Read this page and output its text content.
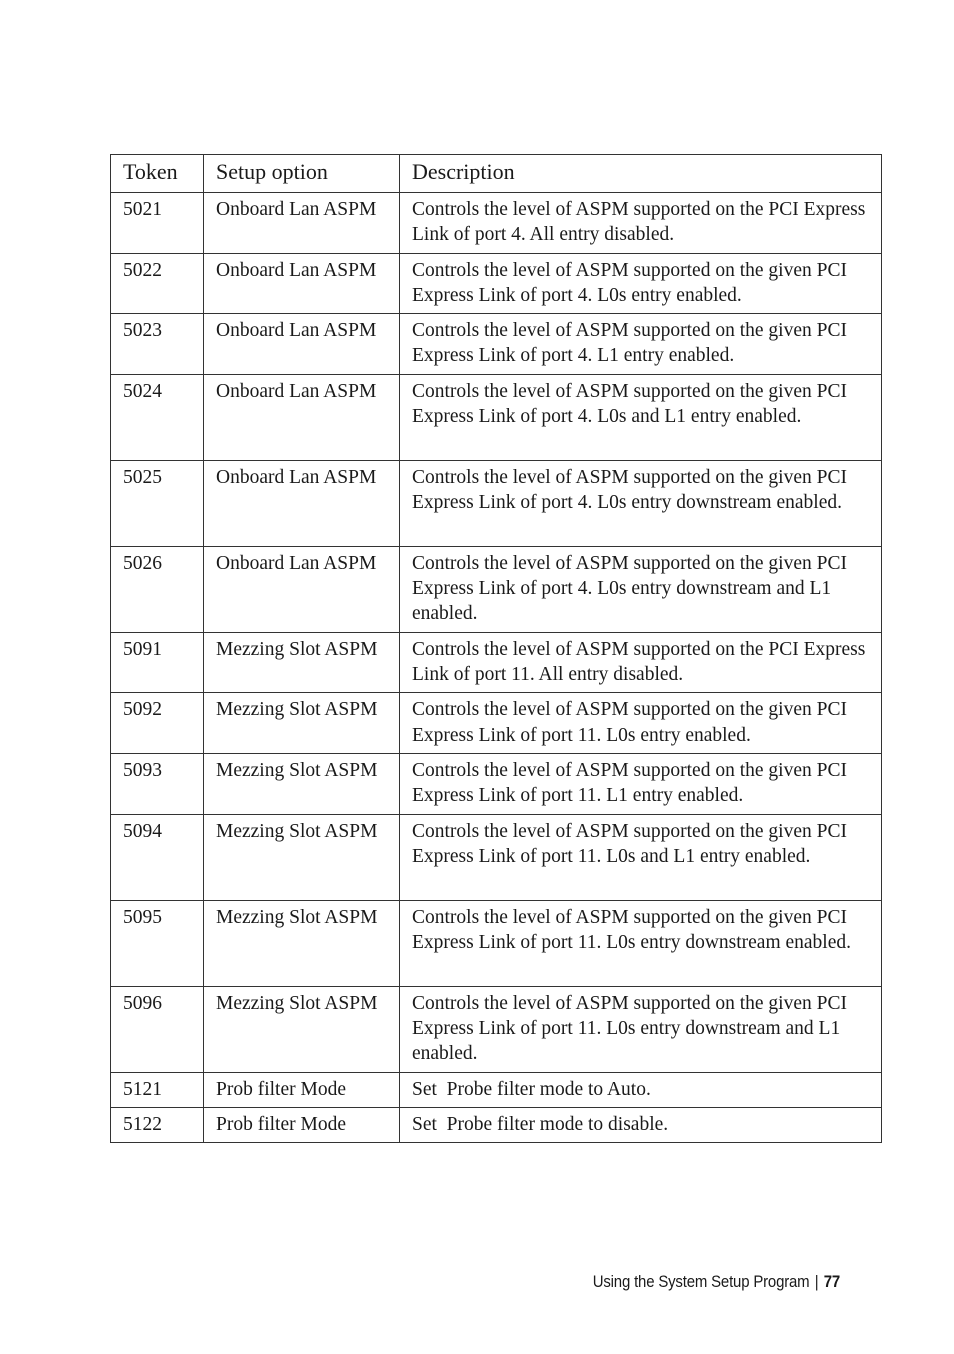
Token	Setup option	Description
5021	Onboard Lan ASPM	Controls the level of ASPM supported on the PCI Express Link of port 4. All entry disabled.
5022	Onboard Lan ASPM	Controls the level of ASPM supported on the given PCI Express Link of port 4. L0s entry enabled.
5023	Onboard Lan ASPM	Controls the level of ASPM supported on the given PCI Express Link of port 4. L1 entry enabled.
5024	Onboard Lan ASPM	Controls the level of ASPM supported on the given PCI Express Link of port 4. L0s and L1 entry enabled.
5025	Onboard Lan ASPM	Controls the level of ASPM supported on the given PCI Express Link of port 4. L0s entry downstream enabled.
5026	Onboard Lan ASPM	Controls the level of ASPM supported on the given PCI Express Link of port 4. L0s entry downstream and L1 enabled.
5091	Mezzing Slot ASPM	Controls the level of ASPM supported on the PCI Express Link of port 11. All entry disabled.
5092	Mezzing Slot ASPM	Controls the level of ASPM supported on the given PCI Express Link of port 11. L0s entry enabled.
5093	Mezzing Slot ASPM	Controls the level of ASPM supported on the given PCI Express Link of port 11. L1 entry enabled.
5094	Mezzing Slot ASPM	Controls the level of ASPM supported on the given PCI Express Link of port 11. L0s and L1 entry enabled.
5095	Mezzing Slot ASPM	Controls the level of ASPM supported on the given PCI Express Link of port 11. L0s entry downstream enabled.
5096	Mezzing Slot ASPM	Controls the level of ASPM supported on the given PCI Express Link of port 11. L0s entry downstream and L1 enabled.
5121	Prob filter Mode	Set  Probe filter mode to Auto.
5122	Prob filter Mode	Set  Probe filter mode to disable.
Using the System Setup Program | 77
